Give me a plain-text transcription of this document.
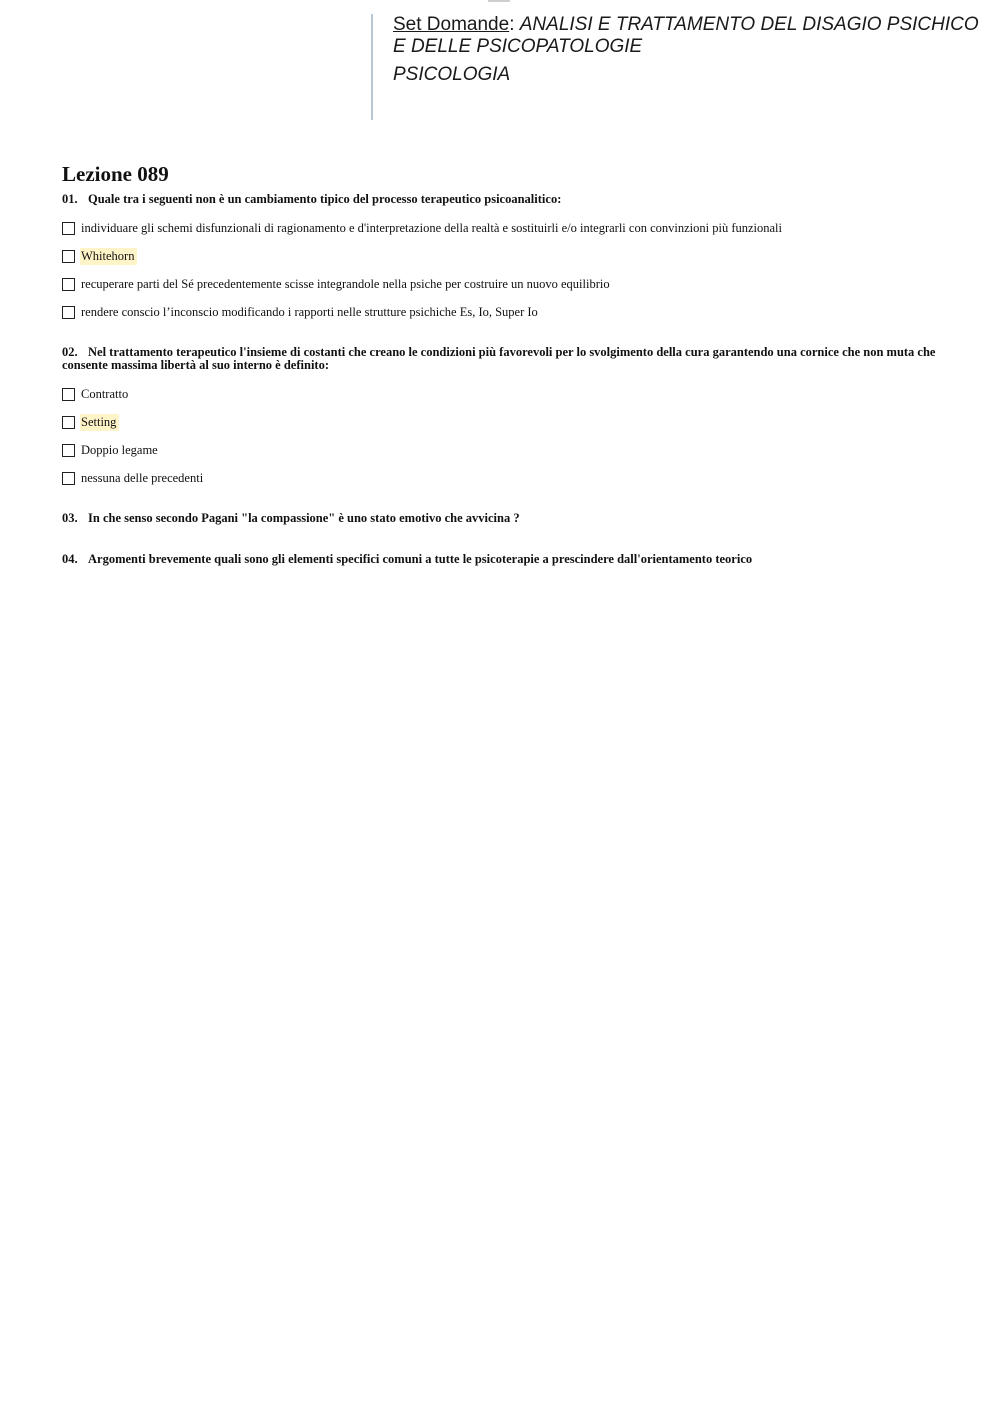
Set Domande: ANALISI E TRATTAMENTO DEL DISAGIO PSICHICO E DELLE PSICOPATOLOGIE
PSICOLOGIA
Lezione 089
01. Quale tra i seguenti non è un cambiamento tipico del processo terapeutico psicoanalitico:
individuare gli schemi disfunzionali di ragionamento e d'interpretazione della realtà e sostituirli e/o integrarli con convinzioni più funzionali
Whitehorn
recuperare parti del Sé precedentemente scisse integrandole nella psiche per costruire un nuovo equilibrio
rendere conscio l’inconscio modificando i rapporti nelle strutture psichiche Es, Io, Super Io
02. Nel trattamento terapeutico l'insieme di costanti che creano le condizioni più favorevoli per lo svolgimento della cura garantendo una cornice che non muta che consente massima libertà al suo interno è definito:
Contratto
Setting
Doppio legame
nessuna delle precedenti
03. In che senso secondo Pagani "la compassione" è uno stato emotivo che avvicina ?
04. Argomenti brevemente quali sono gli elementi specifici comuni a tutte le psicoterapie a prescindere dall'orientamento teorico
